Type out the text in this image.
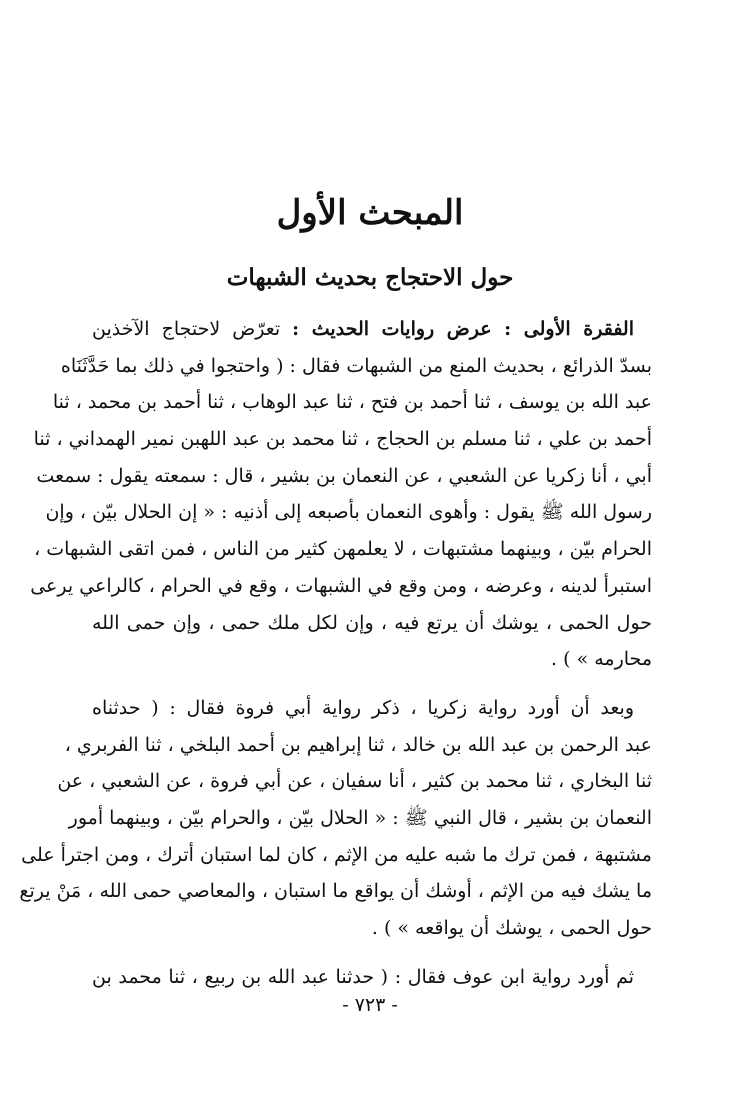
المبحث الأول
حول الاحتجاج بحديث الشبهات
الفقرة الأولى : عرض روايات الحديث : تعرّض لاحتجاج الآخذين
بسدّ الذرائع ، بحديث المنع من الشبهات فقال : ( واحتجوا في ذلك بما حَدَّثَنَاه
عبد الله بن يوسف ، ثنا أحمد بن فتح ، ثنا عبد الوهاب ، ثنا أحمد بن محمد ، ثنا
أحمد بن علي ، ثنا مسلم بن الحجاج ، ثنا محمد بن عبد اللهبن نمير الهمداني ، ثنا
أبي ، أنا زكريا عن الشعبي ، عن النعمان بن بشير ، قال : سمعته يقول : سمعت
رسول الله ﷺ يقول : وأهوى النعمان بأصبعه إلى أذنيه : « إن الحلال بيّن ، وإن
الحرام بيّن ، وبينهما مشتبهات ، لا يعلمهن كثير من الناس ، فمن اتقى الشبهات ،
استبرأ لدينه ، وعرضه ، ومن وقع في الشبهات ، وقع في الحرام ، كالراعي يرعى
حول الحمى ، يوشك أن يرتع فيه ، وإن لكل ملك حمى ، وإن حمى الله
محارمه » ) .
وبعد أن أورد رواية زكريا ، ذكر رواية أبي فروة فقال : ( حدثناه
عبد الرحمن بن عبد الله بن خالد ، ثنا إبراهيم بن أحمد البلخي ، ثنا الفربري ،
ثنا البخاري ، ثنا محمد بن كثير ، أنا سفيان ، عن أبي فروة ، عن الشعبي ، عن
النعمان بن بشير ، قال النبي ﷺ : « الحلال بيّن ، والحرام بيّن ، وبينهما أمور
مشتبهة ، فمن ترك ما شبه عليه من الإثم ، كان لما استبان أترك ، ومن اجترأ على
ما يشك فيه من الإثم ، أوشك أن يواقع ما استبان ، والمعاصي حمى الله ، مَنْ يرتع
حول الحمى ، يوشك أن يواقعه » ) .
ثم أورد رواية ابن عوف فقال : ( حدثنا عبد الله بن ربيع ، ثنا محمد بن
- ٧٢٣ -
